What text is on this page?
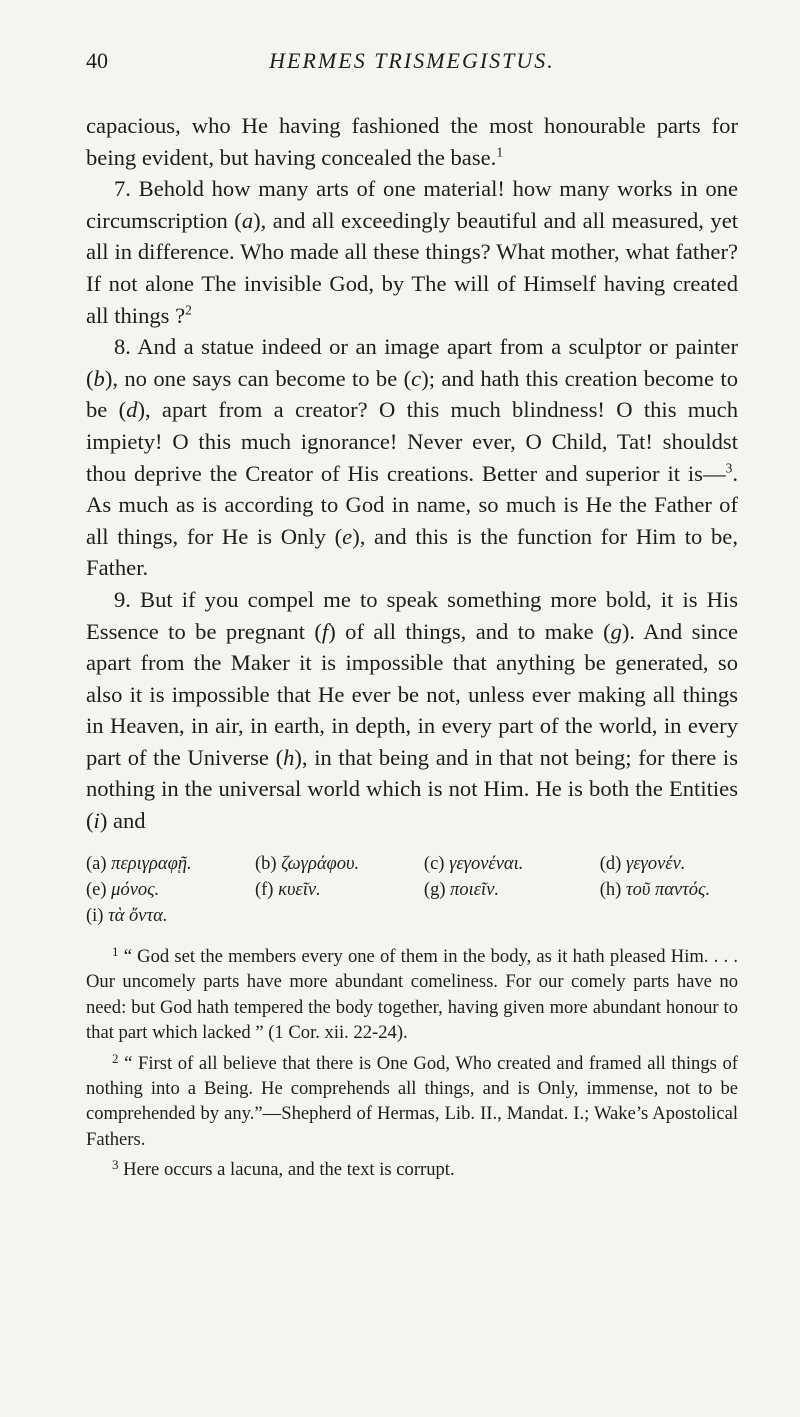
40	HERMES TRISMEGISTUS.

capacious, who He having fashioned the most honourable parts for being evident, but having concealed the base.$^1$

7. Behold how many arts of one material! how many works in one circumscription (a), and all exceedingly beautiful and all measured, yet all in difference. Who made all these things? What mother, what father? If not alone The invisible God, by The will of Himself having created all things ?$^2$

8. And a statue indeed or an image apart from a sculptor or painter (b), no one says can become to be (c); and hath this creation become to be (d), apart from a creator? O this much blindness! O this much impiety! O this much ignorance! Never ever, O Child, Tat! shouldst thou deprive the Creator of His creations. Better and superior it is—$^3$. As much as is according to God in name, so much is He the Father of all things, for He is Only (e), and this is the function for Him to be, Father.

9. But if you compel me to speak something more bold, it is His Essence to be pregnant (f) of all things, and to make (g). And since apart from the Maker it is impossible that anything be generated, so also it is impossible that He ever be not, unless ever making all things in Heaven, in air, in earth, in depth, in every part of the world, in every part of the Universe (h), in that being and in that not being; for there is nothing in the universal world which is not Him. He is both the Entities (i) and

(a) περιγραφῇ.	(b) ζωγράφου.	(c) γεγονέναι.	(d) γεγονέν.
(e) μόνος.	(f) κυεῖν.	(g) ποιεῖν.	(h) τοῦ παντός.
(i) τὰ ὄντα.

$^1$ “ God set the members every one of them in the body, as it hath pleased Him. . . . Our uncomely parts have more abundant comeliness. For our comely parts have no need: but God hath tempered the body together, having given more abundant honour to that part which lacked ” (1 Cor. xii. 22-24).

$^2$ “ First of all believe that there is One God, Who created and framed all things of nothing into a Being. He comprehends all things, and is Only, immense, not to be comprehended by any.”—Shepherd of Hermas, Lib. II., Mandat. I.; Wake’s Apostolical Fathers.

$^3$ Here occurs a lacuna, and the text is corrupt.
